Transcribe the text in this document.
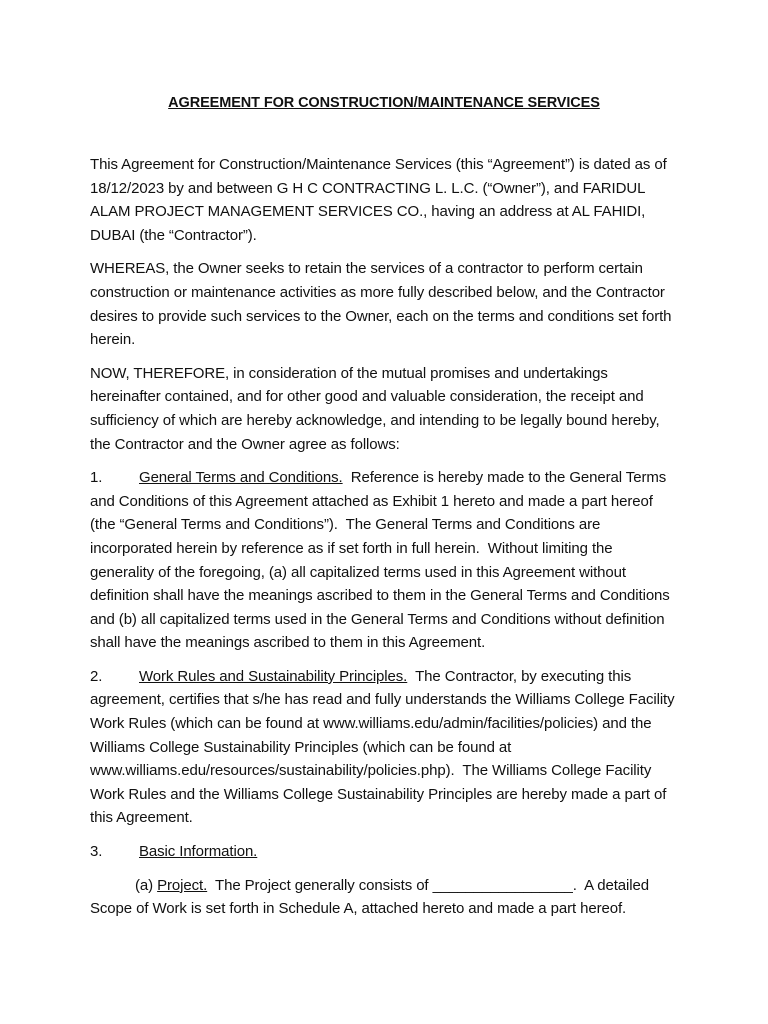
AGREEMENT FOR CONSTRUCTION/MAINTENANCE SERVICES

This Agreement for Construction/Maintenance Services (this “Agreement”) is dated as of 18/12/2023 by and between G H C CONTRACTING L. L.C. (“Owner”), and FARIDUL ALAM PROJECT MANAGEMENT SERVICES CO., having an address at AL FAHIDI, DUBAI (the “Contractor”).

WHEREAS, the Owner seeks to retain the services of a contractor to perform certain construction or maintenance activities as more fully described below, and the Contractor desires to provide such services to the Owner, each on the terms and conditions set forth herein.

NOW, THEREFORE, in consideration of the mutual promises and undertakings hereinafter contained, and for other good and valuable consideration, the receipt and sufficiency of which are hereby acknowledge, and intending to be legally bound hereby, the Contractor and the Owner agree as follows:

1. General Terms and Conditions.  Reference is hereby made to the General Terms and Conditions of this Agreement attached as Exhibit 1 hereto and made a part hereof (the “General Terms and Conditions”).  The General Terms and Conditions are incorporated herein by reference as if set forth in full herein.  Without limiting the generality of the foregoing, (a) all capitalized terms used in this Agreement without definition shall have the meanings ascribed to them in the General Terms and Conditions and (b) all capitalized terms used in the General Terms and Conditions without definition shall have the meanings ascribed to them in this Agreement.

2. Work Rules and Sustainability Principles.  The Contractor, by executing this agreement, certifies that s/he has read and fully understands the Williams College Facility Work Rules (which can be found at www.williams.edu/admin/facilities/policies) and the Williams College Sustainability Principles (which can be found at www.williams.edu/resources/sustainability/policies.php).  The Williams College Facility Work Rules and the Williams College Sustainability Principles are hereby made a part of this Agreement.

3. Basic Information.

(a) Project.  The Project generally consists of _________________.  A detailed Scope of Work is set forth in Schedule A, attached hereto and made a part hereof.
